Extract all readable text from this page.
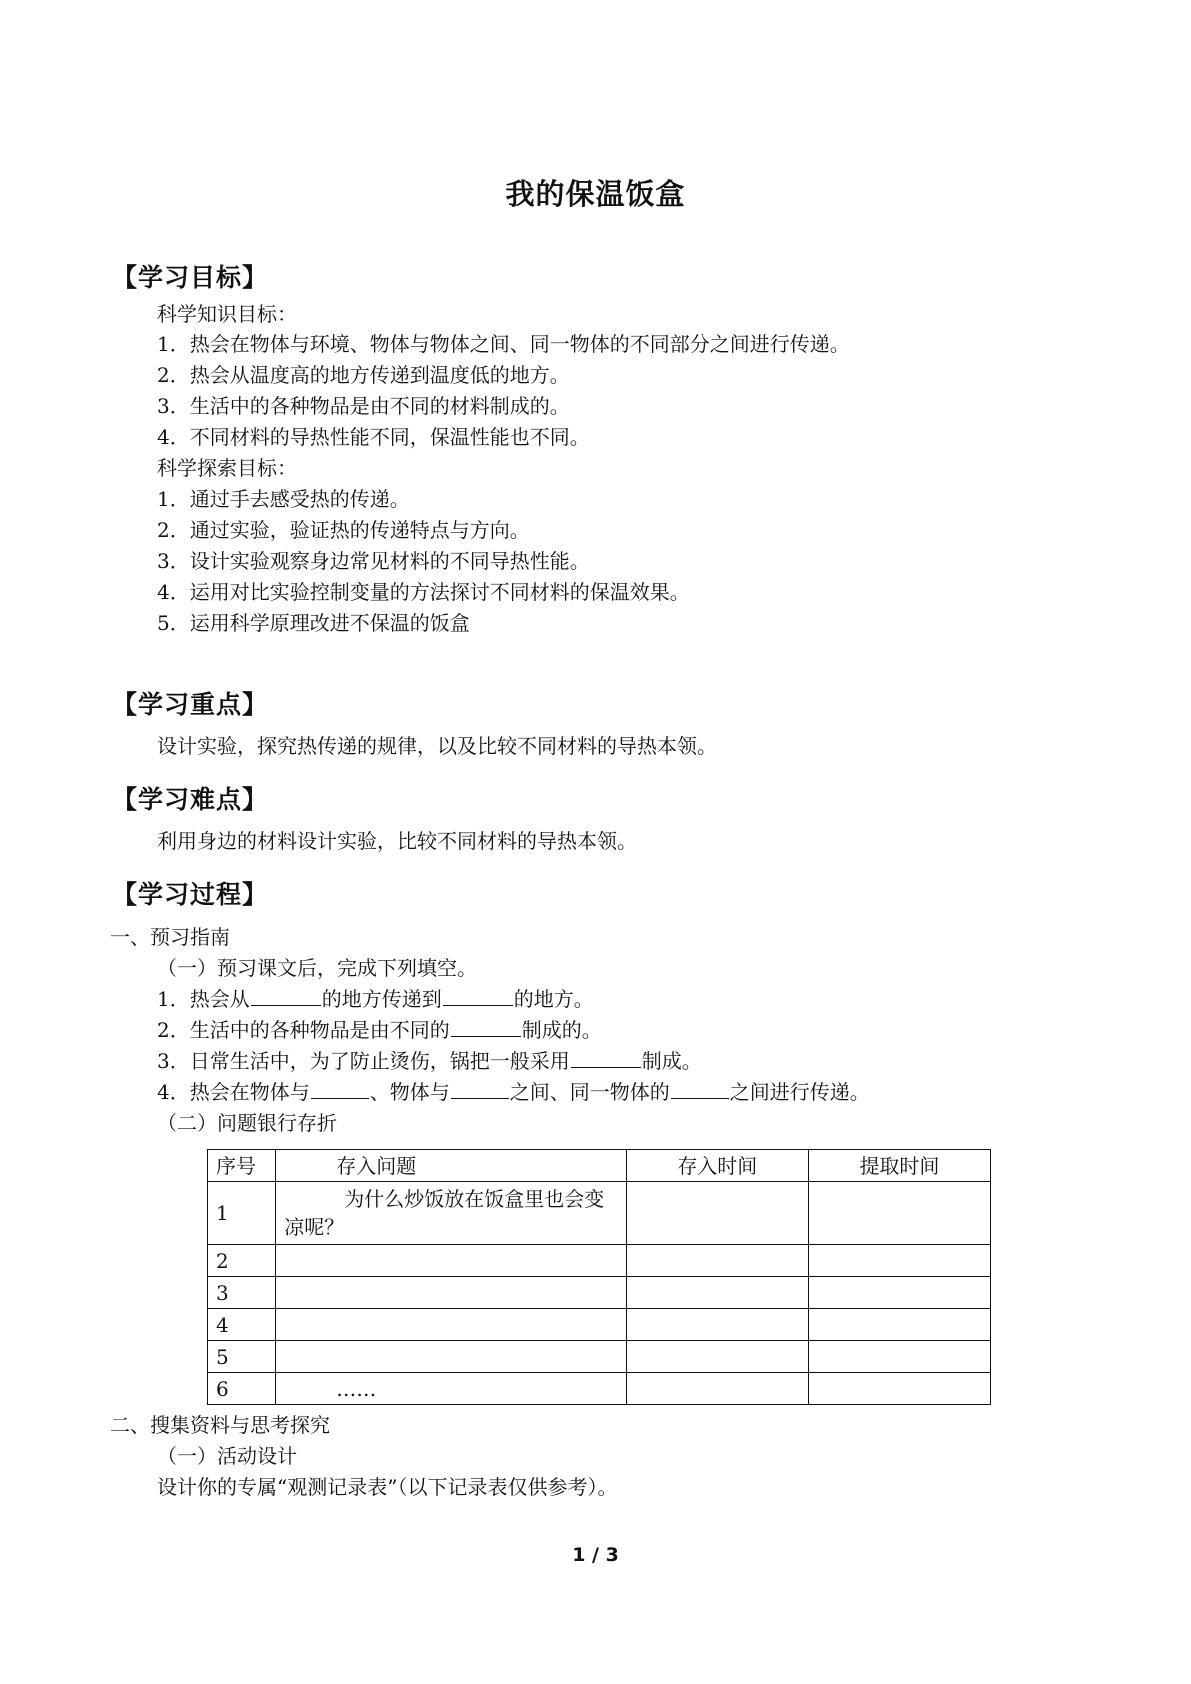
我的保温饭盒
【学习目标】
科学知识目标：
1．热会在物体与环境、物体与物体之间、同一物体的不同部分之间进行传递。
2．热会从温度高的地方传递到温度低的地方。
3．生活中的各种物品是由不同的材料制成的。
4．不同材料的导热性能不同，保温性能也不同。
科学探索目标：
1．通过手去感受热的传递。
2．通过实验，验证热的传递特点与方向。
3．设计实验观察身边常见材料的不同导热性能。
4．运用对比实验控制变量的方法探讨不同材料的保温效果。
5．运用科学原理改进不保温的饭盒
【学习重点】
设计实验，探究热传递的规律，以及比较不同材料的导热本领。
【学习难点】
利用身边的材料设计实验，比较不同材料的导热本领。
【学习过程】
一、预习指南
（一）预习课文后，完成下列填空。
1．热会从	的地方传递到	的地方。
2．生活中的各种物品是由不同的	制成的。
3．日常生活中，为了防止烫伤，锅把一般采用	制成。
4．热会在物体与	、物体与	之间、同一物体的	之间进行传递。
（二）问题银行存折
序号	存入问题	存入时间	提取时间
1	为什么炒饭放在饭盒里也会变凉呢？		

2			
3			
4			
5			
6	……		
二、搜集资料与思考探究
（一）活动设计
设计你的专属“观测记录表”（以下记录表仅供参考）。
1 / 3
